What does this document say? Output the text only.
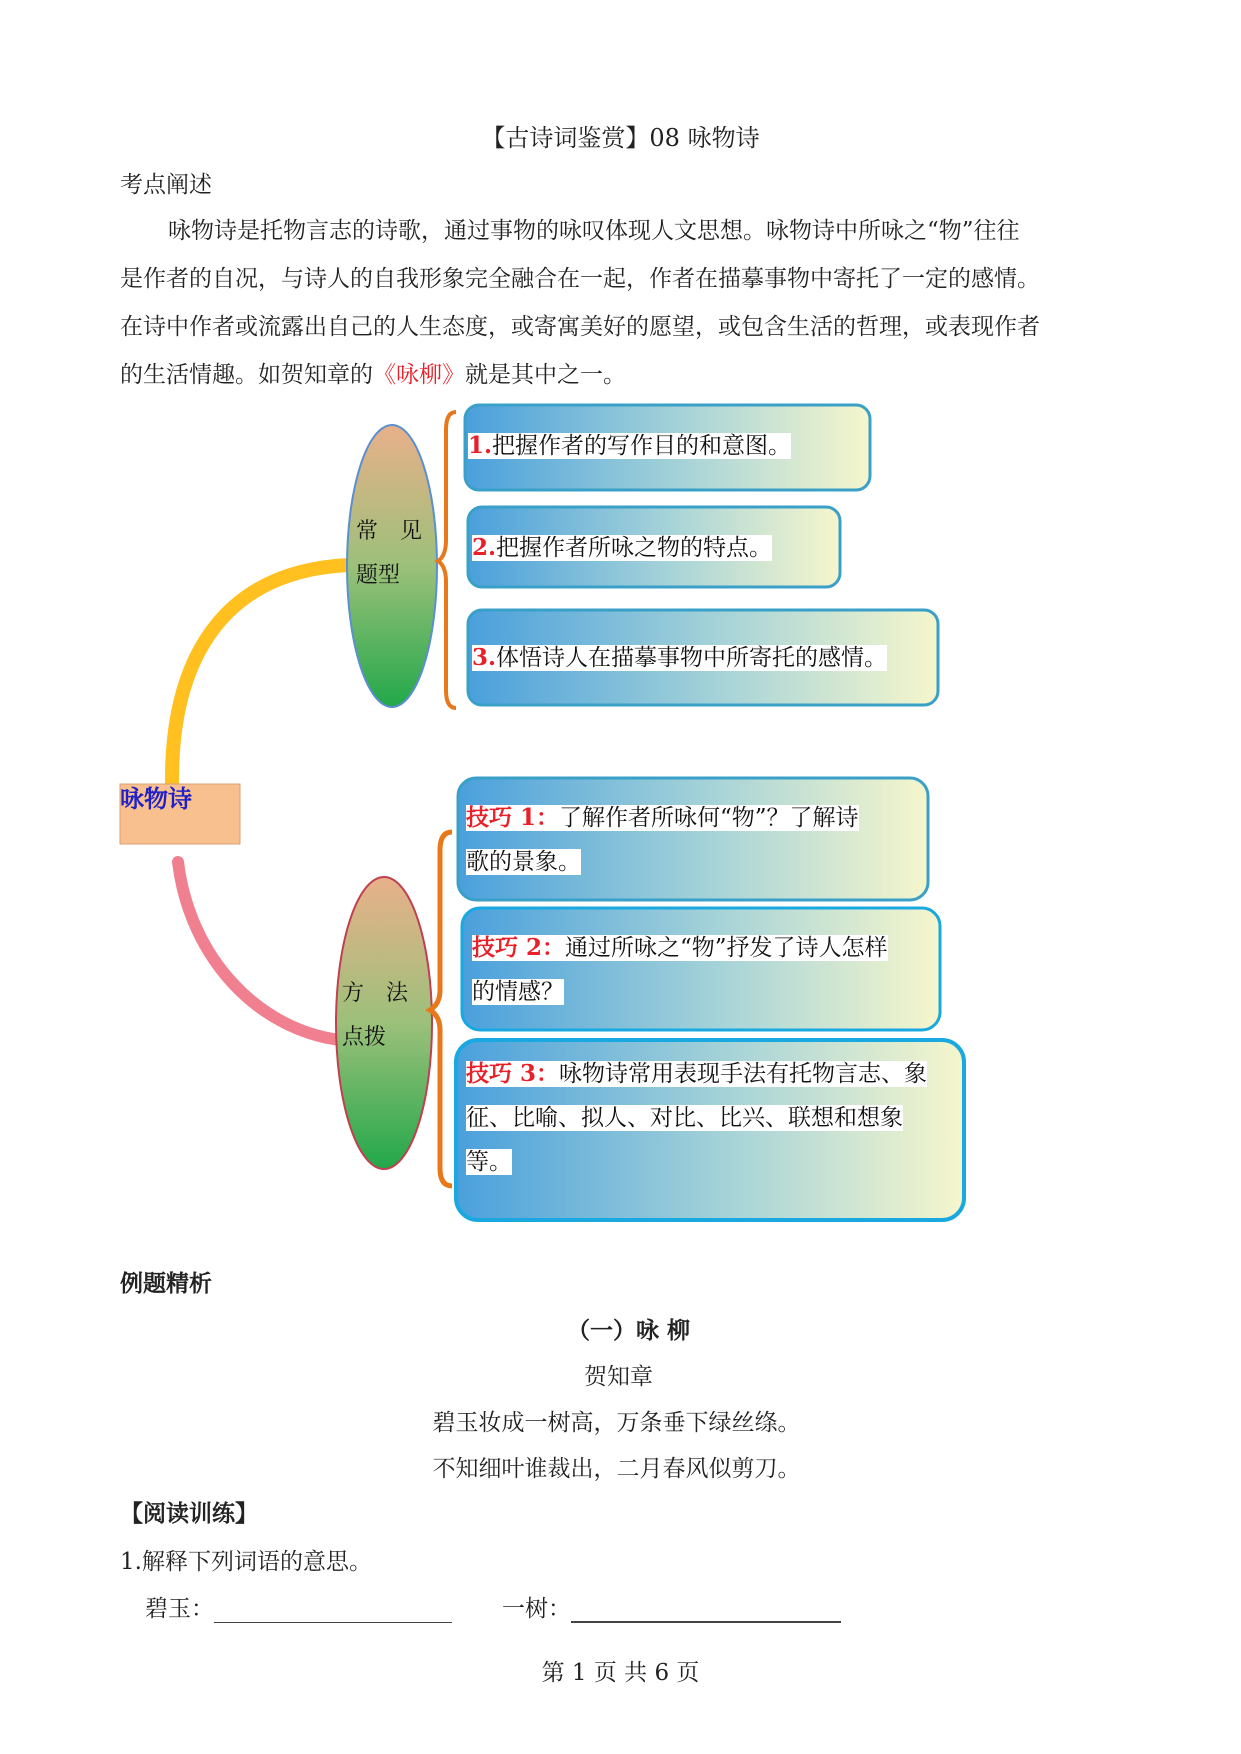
【古诗词鉴赏】08 咏物诗
考点阐述

咏物诗是托物言志的诗歌，通过事物的咏叹体现人文思想。咏物诗中所咏之“物”往往

是作者的自况，与诗人的自我形象完全融合在一起，作者在描摹事物中寄托了一定的感情。

在诗中作者或流露出自己的人生态度，或寄寓美好的愿望，或包含生活的哲理，或表现作者

的生活情趣。如贺知章的《咏柳》就是其中之一。

咏物诗
常　见
题型
方　法
点拨
1.把握作者的写作目的和意图。
2.把握作者所咏之物的特点。
3.体悟诗人在描摹事物中所寄托的感情。
技巧 1：了解作者所咏何“物”？了解诗
歌的景象。
技巧 2：通过所咏之“物”抒发了诗人怎样
的情感？
技巧 3：咏物诗常用表现手法有托物言志、象
征、比喻、拟人、对比、比兴、联想和想象
等。
例题精析
（一）咏 柳
贺知章
碧玉妆成一树高，万条垂下绿丝绦。
不知细叶谁裁出，二月春风似剪刀。
【阅读训练】
1.解释下列词语的意思。
碧玉：	一树：
第 1 页 共 6 页
